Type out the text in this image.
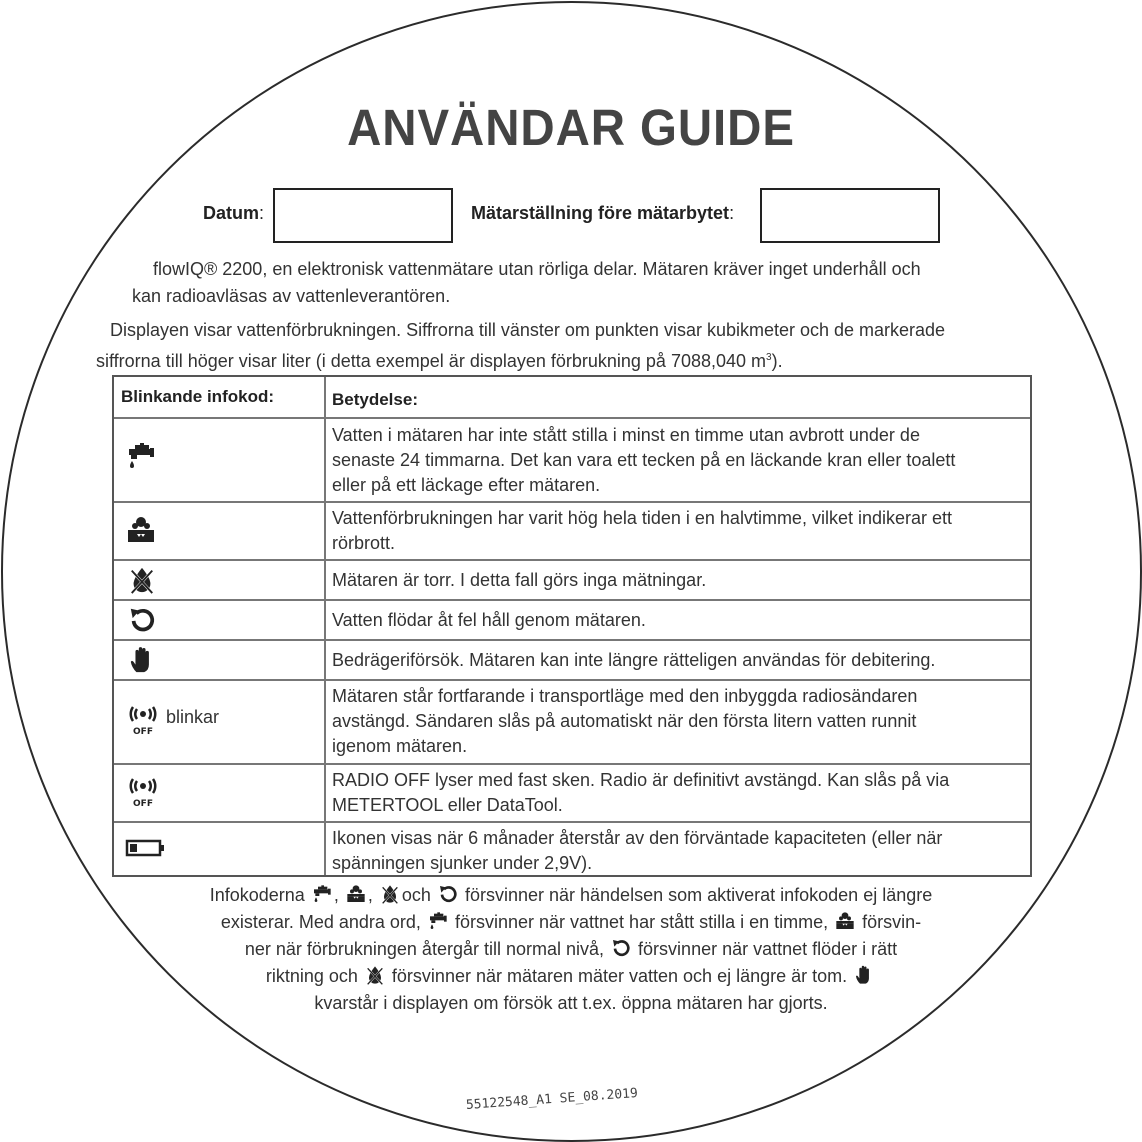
ANVÄNDAR GUIDE
Datum:	Mätarställning före mätarbytet:
flowIQ® 2200, en elektronisk vattenmätare utan rörliga delar. Mätaren kräver inget underhåll och
kan radioavläsas av vattenleverantören.
Displayen visar vattenförbrukningen. Siffrorna till vänster om punkten visar kubikmeter och de markerade
siffrorna till höger visar liter (i detta exempel är displayen förbrukning på 7088,040 $m^3$).
Blinkande infokod:	Betydelse:
Vatten i mätaren har inte stått stilla i minst en timme utan avbrott under de
senaste 24 timmarna. Det kan vara ett tecken på en läckande kran eller toalett
eller på ett läckage efter mätaren.
Vattenförbrukningen har varit hög hela tiden i en halvtimme, vilket indikerar ett
rörbrott.
Mätaren är torr. I detta fall görs inga mätningar.
Vatten flödar åt fel håll genom mätaren.
Bedrägeriförsök. Mätaren kan inte längre rätteligen användas för debitering.
blinkar
Mätaren står fortfarande i transportläge med den inbyggda radiosändaren
avstängd. Sändaren slås på automatiskt när den första litern vatten runnit
igenom mätaren.
RADIO OFF lyser med fast sken. Radio är definitivt avstängd. Kan slås på via
METERTOOL eller DataTool.
Ikonen visas när 6 månader återstår av den förväntade kapaciteten (eller när
spänningen sjunker under 2,9V).
Infokoderna , , och försvinner när händelsen som aktiverat infokoden ej längre
existerar. Med andra ord, försvinner när vattnet har stått stilla i en timme, försvin-
ner när förbrukningen återgår till normal nivå, försvinner när vattnet flöder i rätt
riktning och försvinner när mätaren mäter vatten och ej längre är tom.
kvarstår i displayen om försök att t.ex. öppna mätaren har gjorts.
55122548_A1 SE_08.2019
